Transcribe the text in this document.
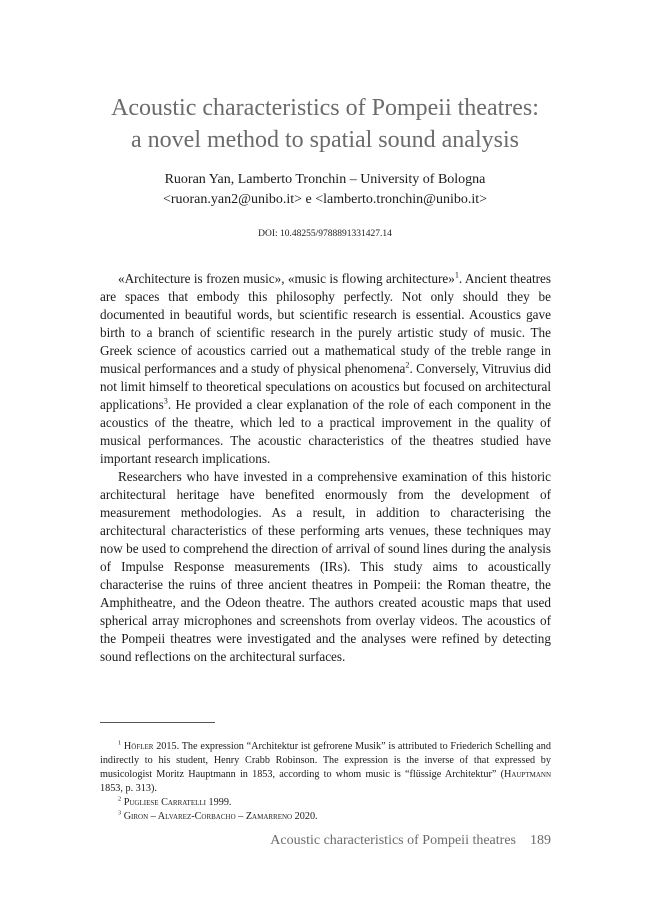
Acoustic characteristics of Pompeii theatres:
a novel method to spatial sound analysis
Ruoran Yan, Lamberto Tronchin – University of Bologna
<ruoran.yan2@unibo.it> e <lamberto.tronchin@unibo.it>
DOI: 10.48255/9788891331427.14

«Architecture is frozen music», «music is flowing architecture»$^1$. Ancient theatres are spaces that embody this philosophy perfectly. Not only should they be documented in beautiful words, but scientific research is essential. Acoustics gave birth to a branch of scientific research in the purely artistic study of music. The Greek science of acoustics carried out a mathematical study of the treble range in musical performances and a study of physical phenomena$^2$. Conversely, Vitruvius did not limit himself to theoretical speculations on acoustics but focused on architectural applications$^3$. He provided a clear explanation of the role of each component in the acoustics of the theatre, which led to a practical improvement in the quality of musical performances. The acoustic characteristics of the theatres studied have important research implications.

Researchers who have invested in a comprehensive examination of this historic architectural heritage have benefited enormously from the development of measurement methodologies. As a result, in addition to characterising the architectural characteristics of these performing arts venues, these techniques may now be used to comprehend the direction of arrival of sound lines during the analysis of Impulse Response measurements (IRs). This study aims to acoustically characterise the ruins of three ancient theatres in Pompeii: the Roman theatre, the Amphitheatre, and the Odeon theatre. The authors created acoustic maps that used spherical array microphones and screenshots from overlay videos. The acoustics of the Pompeii theatres were investigated and the analyses were refined by detecting sound reflections on the architectural surfaces.

$^1$ Höfler 2015. The expression “Architektur ist gefrorene Musik” is attributed to Friederich Schelling and indirectly to his student, Henry Crabb Robinson. The expression is the inverse of that expressed by musicologist Moritz Hauptmann in 1853, according to whom music is “flüssige Architektur” (Hauptmann 1853, p. 313).

$^2$ Pugliese Carratelli 1999.

$^3$ Giron – Alvarez-Corbacho – Zamarreno 2020.

Acoustic characteristics of Pompeii theatres 189
